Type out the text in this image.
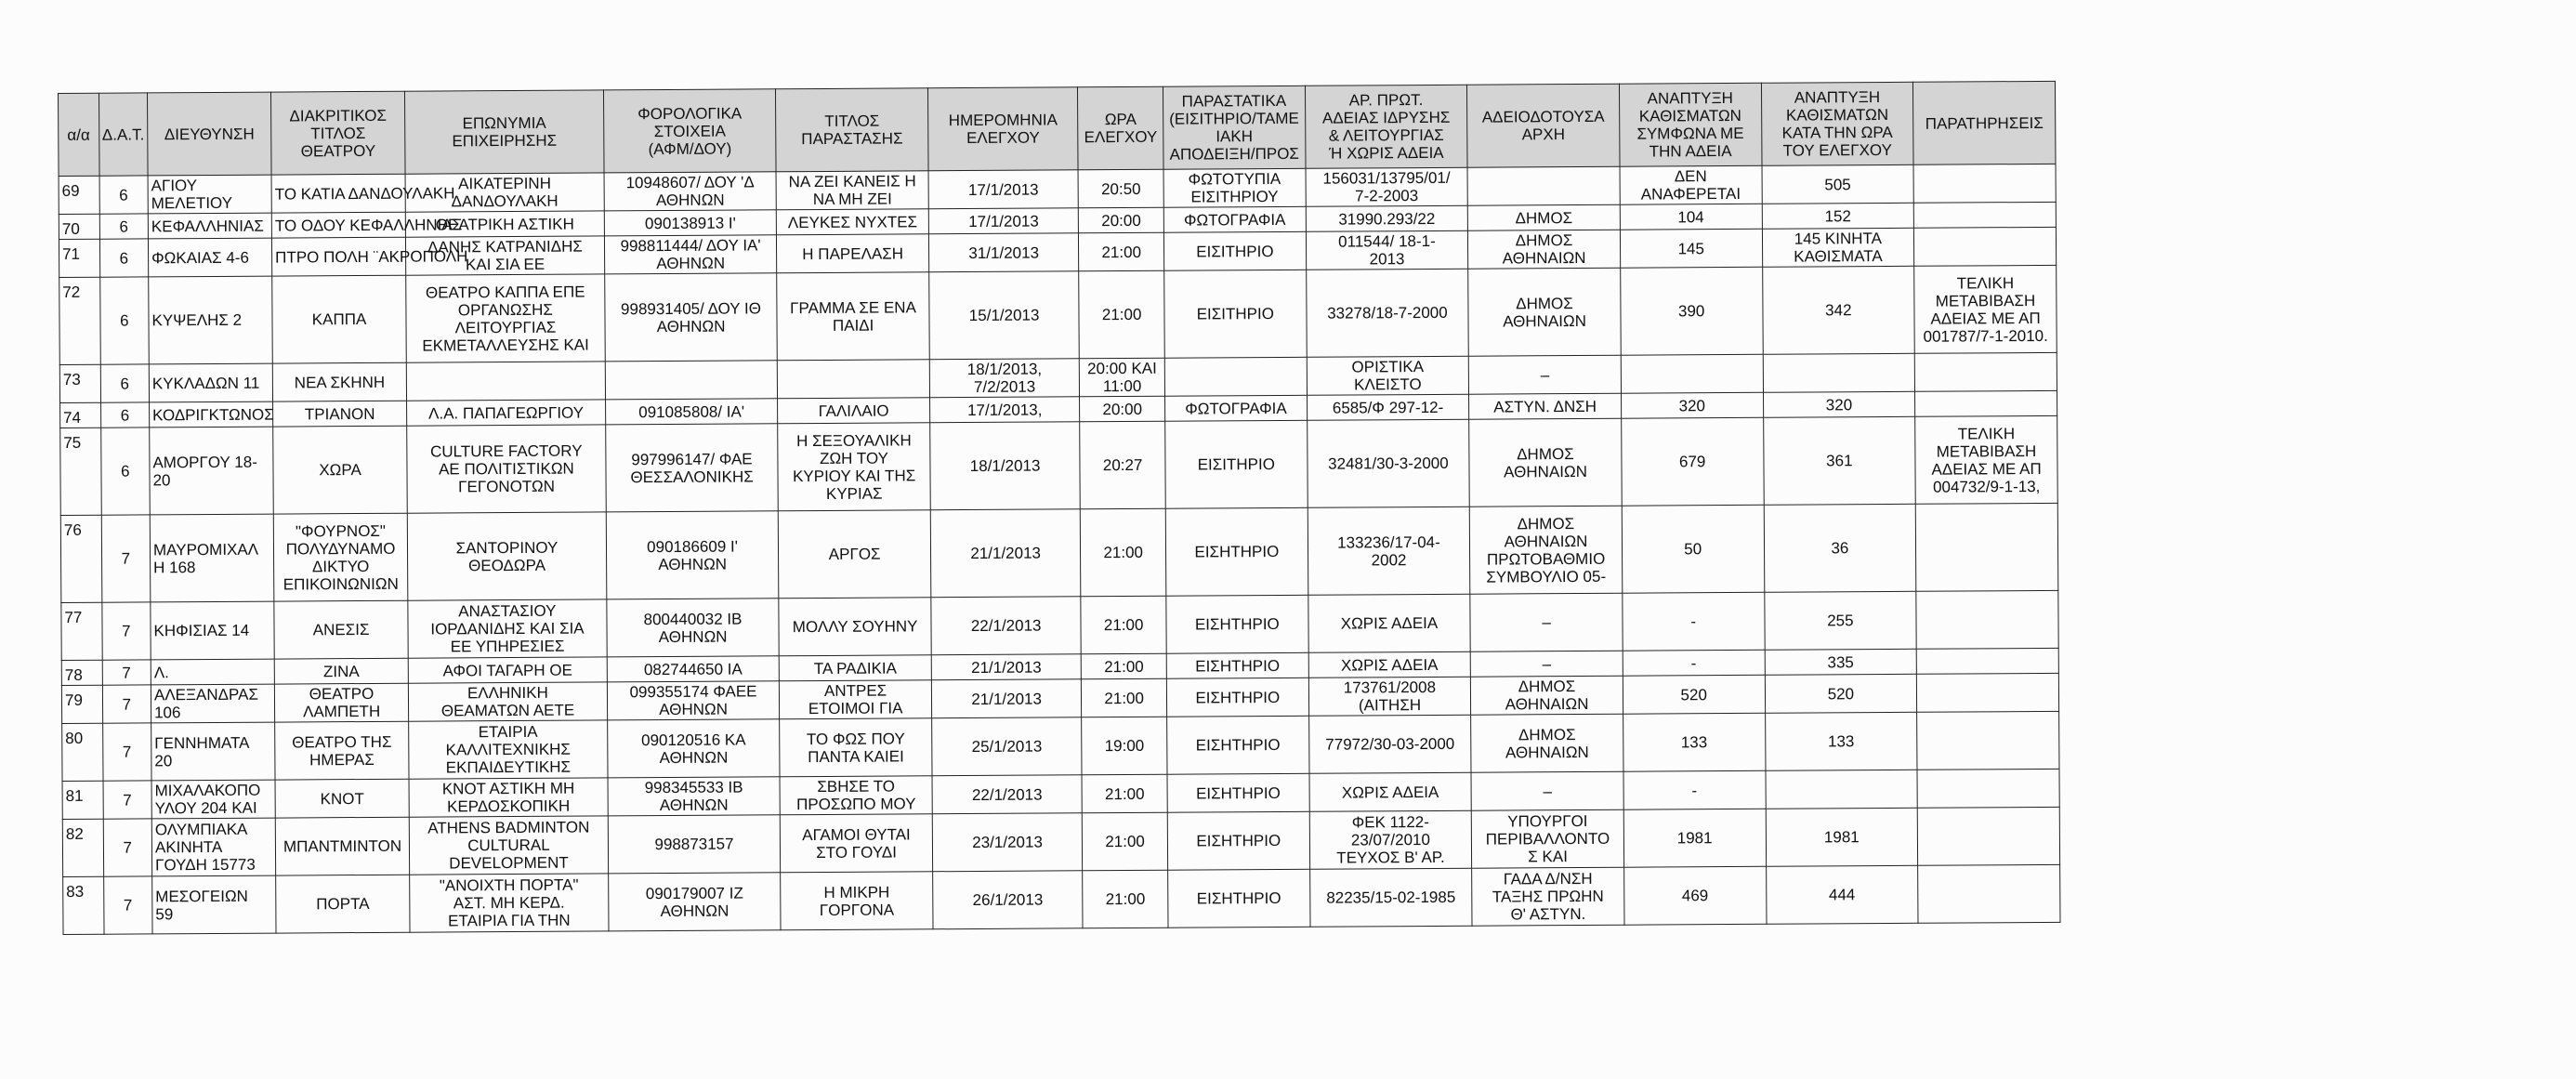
α/α	Δ.Α.Τ.	ΔΙΕΥΘΥΝΣΗ	ΔΙΑΚΡΙΤΙΚΟΣ
ΤΙΤΛΟΣ
ΘΕΑΤΡΟΥ	ΕΠΩΝΥΜΙΑ
ΕΠΙΧΕΙΡΗΣΗΣ	ΦΟΡΟΛΟΓΙΚΑ
ΣΤΟΙΧΕΙΑ
(ΑΦΜ/ΔΟΥ)	ΤΙΤΛΟΣ
ΠΑΡΑΣΤΑΣΗΣ	ΗΜΕΡΟΜΗΝΙΑ
ΕΛΕΓΧΟΥ	ΩΡΑ
ΕΛΕΓΧΟΥ	ΠΑΡΑΣΤΑΤΙΚΑ
(ΕΙΣΙΤΗΡΙΟ/ΤΑΜΕ
ΙΑΚΗ
ΑΠΟΔΕΙΞΗ/ΠΡΟΣ	ΑΡ. ΠΡΩΤ.
ΑΔΕΙΑΣ ΙΔΡΥΣΗΣ
& ΛΕΙΤΟΥΡΓΙΑΣ
Ή ΧΩΡΙΣ ΑΔΕΙΑ	ΑΔΕΙΟΔΟΤΟΥΣΑ
ΑΡΧΗ	ΑΝΑΠΤΥΞΗ
ΚΑΘΙΣΜΑΤΩΝ
ΣΥΜΦΩΝΑ ΜΕ
ΤΗΝ ΑΔΕΙΑ	ΑΝΑΠΤΥΞΗ
ΚΑΘΙΣΜΑΤΩΝ
ΚΑΤΑ ΤΗΝ ΩΡΑ
ΤΟΥ ΕΛΕΓΧΟΥ	ΠΑΡΑΤΗΡΗΣΕΙΣ
69	6	ΑΓΙΟΥ ΜΕΛΕΤΙΟΥ	ΤΟ ΚΑΤΙΑ ΔΑΝΔΟΥΛΑΚΗ	ΑΙΚΑΤΕΡΙΝΗ
ΔΑΝΔΟΥΛΑΚΗ	10948607/ ΔΟΥ 'Δ
ΑΘΗΝΩΝ	ΝΑ ΖΕΙ ΚΑΝΕΙΣ Η
ΝΑ ΜΗ ΖΕΙ	17/1/2013	20:50	ΦΩΤΟΤΥΠΙΑ
ΕΙΣΙΤΗΡΙΟΥ	156031/13795/01/
7-2-2003		ΔΕΝ
ΑΝΑΦΕΡΕΤΑΙ	505	
70	6	ΚΕΦΑΛΛΗΝΙΑΣ	ΤΟ ΟΔΟΥ ΚΕΦΑΛΛΗΝΙΑΣ	ΘΕΑΤΡΙΚΗ ΑΣΤΙΚΗ	090138913 Ι'	ΛΕΥΚΕΣ ΝΥΧΤΕΣ	17/1/2013	20:00	ΦΩΤΟΓΡΑΦΙΑ	31990.293/22	ΔΗΜΟΣ	104	152	
71	6	ΦΩΚΑΙΑΣ 4-6	ΠΤΡΟ ΠΟΛΗ ¨ΑΚΡΟΠΟΛΗ	ΔΑΝΗΣ ΚΑΤΡΑΝΙΔΗΣ
ΚΑΙ ΣΙΑ ΕΕ	998811444/ ΔΟΥ ΙΑ'
ΑΘΗΝΩΝ	Η ΠΑΡΕΛΑΣΗ	31/1/2013	21:00	ΕΙΣΙΤΗΡΙΟ	011544/ 18-1-
2013	ΔΗΜΟΣ
ΑΘΗΝΑΙΩΝ	145	145 ΚΙΝΗΤΑ
ΚΑΘΙΣΜΑΤΑ	
72	6	ΚΥΨΕΛΗΣ 2	ΚΑΠΠΑ	ΘΕΑΤΡΟ ΚΑΠΠΑ ΕΠΕ
ΟΡΓΑΝΩΣΗΣ
ΛΕΙΤΟΥΡΓΙΑΣ
ΕΚΜΕΤΑΛΛΕΥΣΗΣ ΚΑΙ	998931405/ ΔΟΥ ΙΘ
ΑΘΗΝΩΝ	ΓΡΑΜΜΑ ΣΕ ΕΝΑ
ΠΑΙΔΙ	15/1/2013	21:00	ΕΙΣΙΤΗΡΙΟ	33278/18-7-2000	ΔΗΜΟΣ
ΑΘΗΝΑΙΩΝ	390	342	ΤΕΛΙΚΗ
ΜΕΤΑΒΙΒΑΣΗ
ΑΔΕΙΑΣ ΜΕ ΑΠ
001787/7-1-2010.
73	6	ΚΥΚΛΑΔΩΝ 11	ΝΕΑ ΣΚΗΝΗ				18/1/2013,
7/2/2013	20:00 ΚΑΙ
11:00		ΟΡΙΣΤΙΚΑ
ΚΛΕΙΣΤΟ	–			
74	6	ΚΟΔΡΙΓΚΤΩΝΟΣ	ΤΡΙΑΝΟΝ	Λ.Α. ΠΑΠΑΓΕΩΡΓΙΟΥ	091085808/ ΙΑ'	ΓΑΛΙΛΑΙΟ	17/1/2013,	20:00	ΦΩΤΟΓΡΑΦΙΑ	6585/Φ 297-12-	ΑΣΤΥΝ. ΔΝΣΗ	320	320	
75	6	ΑΜΟΡΓΟΥ 18-20	ΧΩΡΑ	CULTURE FACTORY
ΑΕ ΠΟΛΙΤΙΣΤΙΚΩΝ
ΓΕΓΟΝΟΤΩΝ	997996147/ ΦΑΕ
ΘΕΣΣΑΛΟΝΙΚΗΣ	Η ΣΕΞΟΥΑΛΙΚΗ
ΖΩΗ ΤΟΥ
ΚΥΡΙΟΥ ΚΑΙ ΤΗΣ
ΚΥΡΙΑΣ	18/1/2013	20:27	ΕΙΣΙΤΗΡΙΟ	32481/30-3-2000	ΔΗΜΟΣ
ΑΘΗΝΑΙΩΝ	679	361	ΤΕΛΙΚΗ
ΜΕΤΑΒΙΒΑΣΗ
ΑΔΕΙΑΣ ΜΕ ΑΠ
004732/9-1-13,
76	7	ΜΑΥΡΟΜΙΧΑΛ
Η 168	"ΦΟΥΡΝΟΣ"
ΠΟΛΥΔΥΝΑΜΟ
ΔΙΚΤΥΟ
ΕΠΙΚΟΙΝΩΝΙΩΝ	ΣΑΝΤΟΡΙΝΟΥ
ΘΕΟΔΩΡΑ	090186609 Ι'
ΑΘΗΝΩΝ	ΑΡΓΟΣ	21/1/2013	21:00	ΕΙΣΗΤΗΡΙΟ	133236/17-04-
2002	ΔΗΜΟΣ
ΑΘΗΝΑΙΩΝ
ΠΡΩΤΟΒΑΘΜΙΟ
ΣΥΜΒΟΥΛΙΟ 05-	50	36	
77	7	ΚΗΦΙΣΙΑΣ 14	ΑΝΕΣΙΣ	ΑΝΑΣΤΑΣΙΟΥ
ΙΟΡΔΑΝΙΔΗΣ ΚΑΙ ΣΙΑ
ΕΕ ΥΠΗΡΕΣΙΕΣ	800440032 ΙΒ
ΑΘΗΝΩΝ	ΜΟΛΛΥ ΣΟΥΗΝΥ	22/1/2013	21:00	ΕΙΣΗΤΗΡΙΟ	ΧΩΡΙΣ ΑΔΕΙΑ	–	-	255	
78	7	Λ.	ΖΙΝΑ	ΑΦΟΙ ΤΑΓΑΡΗ ΟΕ	082744650 ΙΑ	ΤΑ ΡΑΔΙΚΙΑ	21/1/2013	21:00	ΕΙΣΗΤΗΡΙΟ	ΧΩΡΙΣ ΑΔΕΙΑ	–	-	335	
79	7	ΑΛΕΞΑΝΔΡΑΣ
106	ΘΕΑΤΡΟ
ΛΑΜΠΕΤΗ	ΕΛΛΗΝΙΚΗ
ΘΕΑΜΑΤΩΝ ΑΕΤΕ	099355174 ΦΑΕΕ
ΑΘΗΝΩΝ	ΑΝΤΡΕΣ
ΕΤΟΙΜΟΙ ΓΙΑ	21/1/2013	21:00	ΕΙΣΗΤΗΡΙΟ	173761/2008
(ΑΙΤΗΣΗ	ΔΗΜΟΣ
ΑΘΗΝΑΙΩΝ	520	520	
80	7	ΓΕΝΝΗΜΑΤΑ
20	ΘΕΑΤΡΟ ΤΗΣ
ΗΜΕΡΑΣ	ΕΤΑΙΡΙΑ
ΚΑΛΛΙΤΕΧΝΙΚΗΣ
ΕΚΠΑΙΔΕΥΤΙΚΗΣ	090120516 ΚΑ
ΑΘΗΝΩΝ	ΤΟ ΦΩΣ ΠΟΥ
ΠΑΝΤΑ ΚΑΙΕΙ	25/1/2013	19:00	ΕΙΣΗΤΗΡΙΟ	77972/30-03-2000	ΔΗΜΟΣ
ΑΘΗΝΑΙΩΝ	133	133	
81	7	ΜΙΧΑΛΑΚΟΠΟ
ΥΛΟΥ 204 ΚΑΙ	ΚΝΟΤ	ΚΝΟΤ ΑΣΤΙΚΗ ΜΗ
ΚΕΡΔΟΣΚΟΠΙΚΗ	998345533 ΙΒ
ΑΘΗΝΩΝ	ΣΒΗΣΕ ΤΟ
ΠΡΟΣΩΠΟ ΜΟΥ	22/1/2013	21:00	ΕΙΣΗΤΗΡΙΟ	ΧΩΡΙΣ ΑΔΕΙΑ	–	-		
82	7	ΟΛΥΜΠΙΑΚΑ
ΑΚΙΝΗΤΑ
ΓΟΥΔΗ 15773	ΜΠΑΝΤΜΙΝΤΟΝ	ATHENS BADMINTON
CULTURAL
DEVELOPMENT	998873157	ΑΓΑΜΟΙ ΘΥΤΑΙ
ΣΤΟ ΓΟΥΔΙ	23/1/2013	21:00	ΕΙΣΗΤΗΡΙΟ	ΦΕΚ 1122-
23/07/2010
ΤΕΥΧΟΣ Β' ΑΡ.	ΥΠΟΥΡΓΟΙ
ΠΕΡΙΒΑΛΛΟΝΤΟ
Σ ΚΑΙ	1981	1981	
83	7	ΜΕΣΟΓΕΙΩΝ
59	ΠΟΡΤΑ	"ΑΝΟΙΧΤΗ ΠΟΡΤΑ"
ΑΣΤ. ΜΗ ΚΕΡΔ.
ΕΤΑΙΡΙΑ ΓΙΑ ΤΗΝ	090179007 ΙΖ
ΑΘΗΝΩΝ	Η ΜΙΚΡΗ
ΓΟΡΓΟΝΑ	26/1/2013	21:00	ΕΙΣΗΤΗΡΙΟ	82235/15-02-1985	ΓΑΔΑ Δ/ΝΣΗ
ΤΑΞΗΣ ΠΡΩΗΝ
Θ' ΑΣΤΥΝ.	469	444	
